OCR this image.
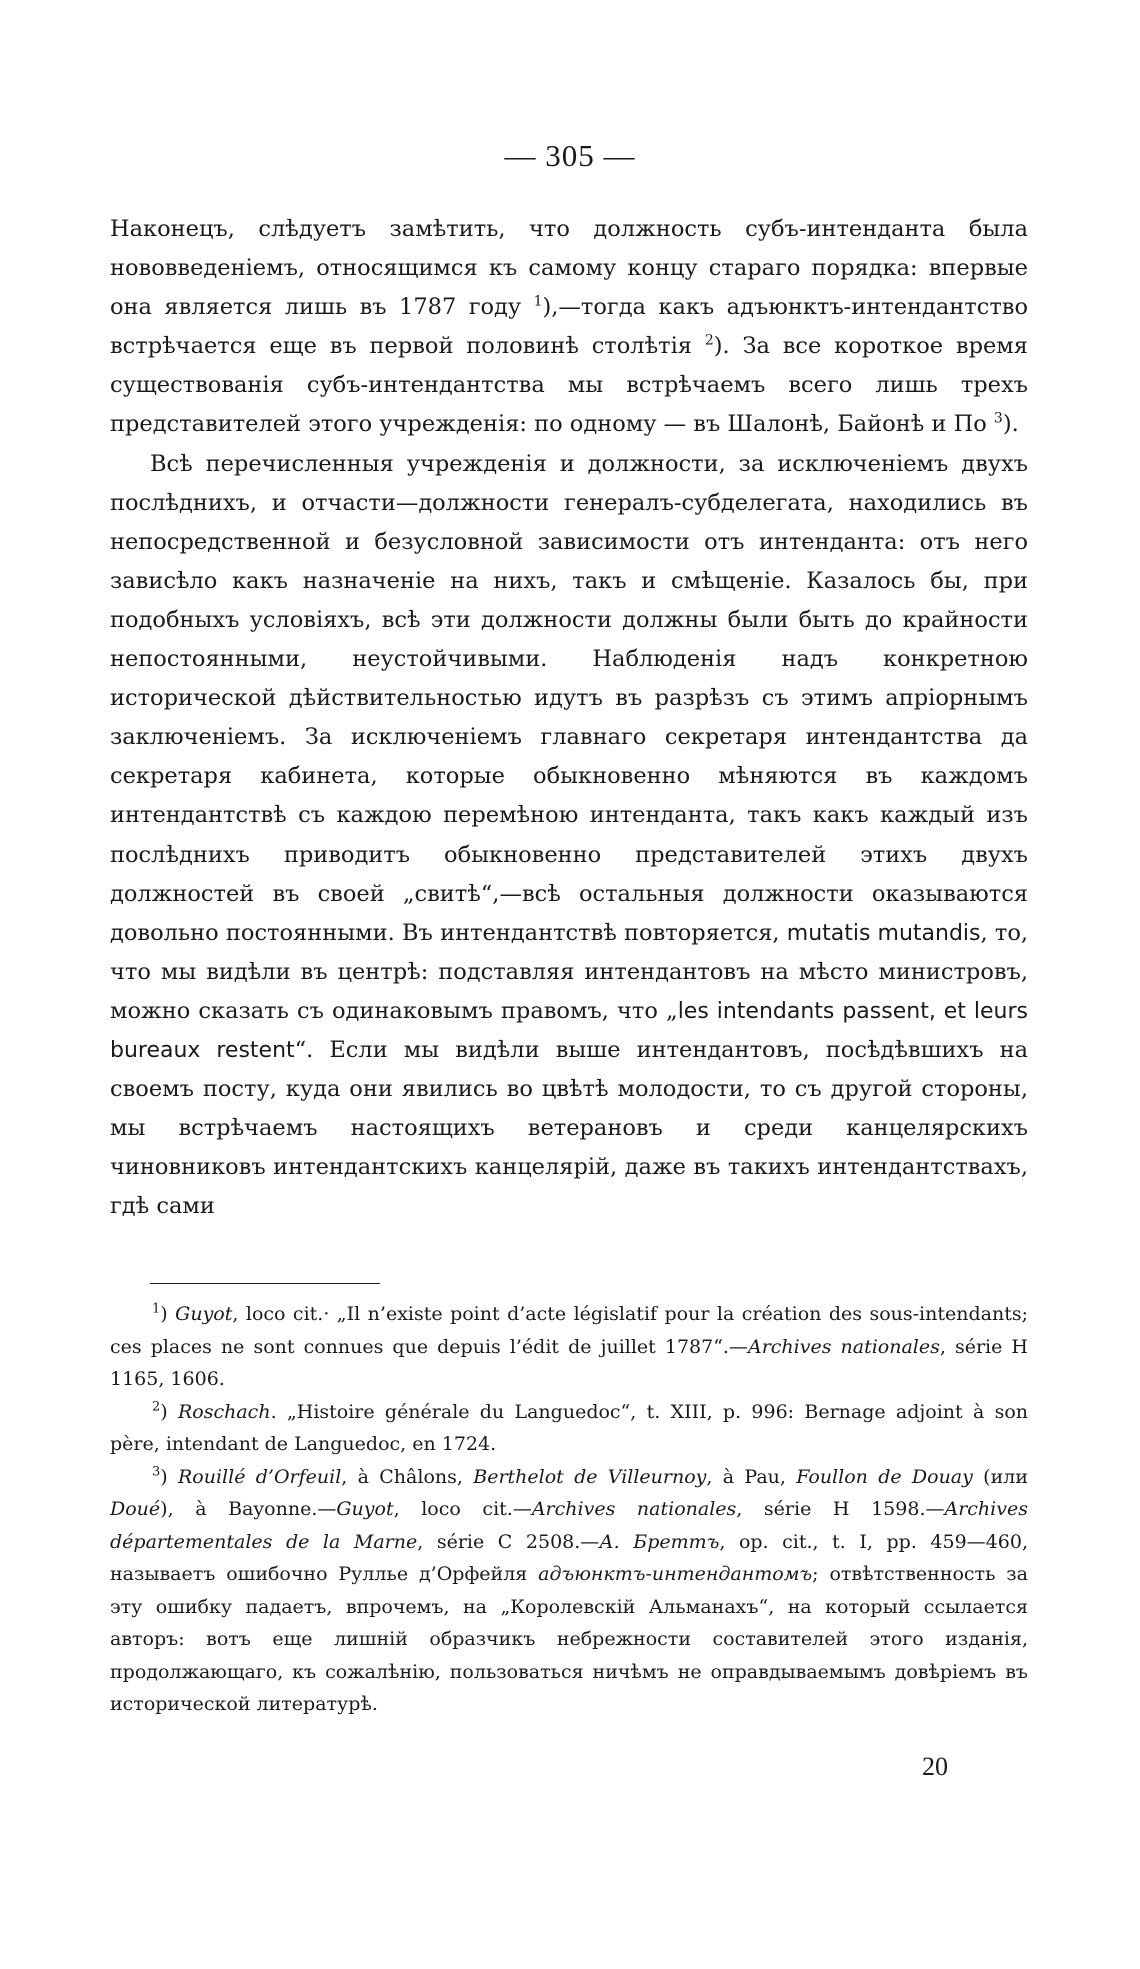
— 305 —

Наконецъ, слѣдуетъ замѣтить, что должность субъ-интенданта была нововведеніемъ, относящимся къ самому концу стараго порядка: впервые она является лишь въ 1787 году $^1$),—тогда какъ адъюнктъ-интендантство встрѣчается еще въ первой половинѣ столѣтія $^2$). За все короткое время существованія субъ-интендантства мы встрѣчаемъ всего лишь трехъ представителей этого учрежденія: по одному — въ Шалонѣ, Байонѣ и По $^3$).

Всѣ перечисленныя учрежденія и должности, за исключеніемъ двухъ послѣднихъ, и отчасти—должности генералъ-субделегата, находились въ непосредственной и безусловной зависимости отъ интенданта: отъ него зависѣло какъ назначеніе на нихъ, такъ и смѣщеніе. Казалось бы, при подобныхъ условіяхъ, всѣ эти должности должны были быть до крайности непостоянными, неустойчивыми. Наблюденія надъ конкретною исторической дѣйствительностью идутъ въ разрѣзъ съ этимъ апріорнымъ заключеніемъ. За исключеніемъ главнаго секретаря интендантства да секретаря кабинета, которые обыкновенно мѣняются въ каждомъ интендантствѣ съ каждою перемѣною интенданта, такъ какъ каждый изъ послѣднихъ приводитъ обыкновенно представителей этихъ двухъ должностей въ своей „свитѣ“,—всѣ остальныя должности оказываются довольно постоянными. Въ интендантствѣ повторяется, mutatis mutandis, то, что мы видѣли въ центрѣ: подставляя интендантовъ на мѣсто министровъ, можно сказать съ одинаковымъ правомъ, что „les intendants passent, et leurs bureaux restent“. Если мы видѣли выше интендантовъ, посѣдѣвшихъ на своемъ посту, куда они явились во цвѣтѣ молодости, то съ другой стороны, мы встрѣчаемъ настоящихъ ветерановъ и среди канцелярскихъ чиновниковъ интендантскихъ канцелярій, даже въ такихъ интендантствахъ, гдѣ сами

$^1$) Guyot, loco cit.· „Il n’existe point d’acte législatif pour la création des sous-intendants; ces places ne sont connues que depuis l’édit de juillet 1787“.—Archives nationales, série H 1165, 1606.

$^2$) Roschach. „Histoire générale du Languedoc“, t. XIII, p. 996: Bernage adjoint à son père, intendant de Languedoc, en 1724.

$^3$) Rouillé d’Orfeuil, à Châlons, Berthelot de Villeurnoy, à Pau, Foullon de Douay (или Doué), à Bayonne.—Guyot, loco cit.—Archives nationales, série H 1598.—Archives départementales de la Marne, série C 2508.—А. Бреттъ, op. cit., t. I, pp. 459—460, называетъ ошибочно Руллье д’Орфейля адъюнктъ-интендантомъ; отвѣтственность за эту ошибку падаетъ, впрочемъ, на „Королевскій Альманахъ“, на который ссылается авторъ: вотъ еще лишній образчикъ небрежности составителей этого изданія, продолжающаго, къ сожалѣнію, пользоваться ничѣмъ не оправдываемымъ довѣріемъ въ исторической литературѣ.

20
